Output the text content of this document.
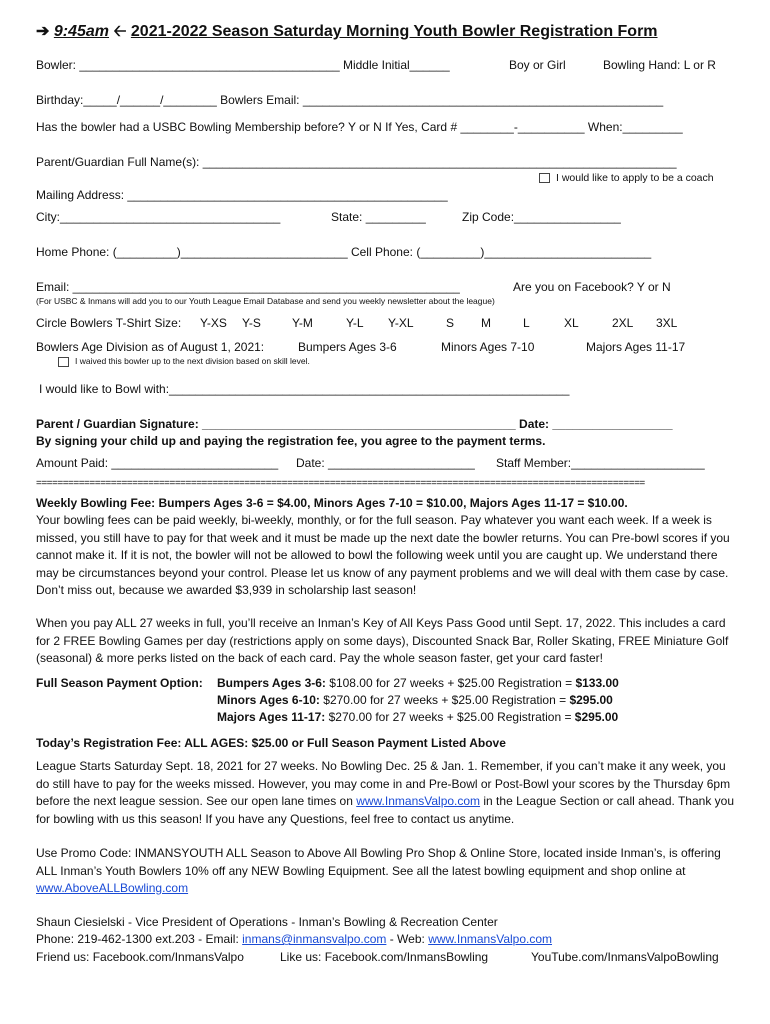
➔ 9:45am 🡠 2021-2022 Season Saturday Morning Youth Bowler Registration Form
Bowler: _______________________________________ Middle Initial______	Boy or Girl	Bowling Hand: L or R
Birthday:_____/______/________ Bowlers Email: ______________________________________________________
Has the bowler had a USBC Bowling Membership before? Y or N If Yes, Card # ________-__________ When:_________
Parent/Guardian Full Name(s): _______________________________________________________________________
I would like to apply to be a coach
Mailing Address: ________________________________________________
City:_________________________________	State: _________	Zip Code:________________
Home Phone: (_________)_________________________ Cell Phone: (_________)_________________________
Email: __________________________________________________________	Are you on Facebook? Y or N
(For USBC & Inmans will add you to our Youth League Email Database and send you weekly newsletter about the league)
Circle Bowlers T-Shirt Size: Y-XS Y-S	Y-M	Y-L Y-XL	S M	L	XL	2XL 3XL
Bowlers Age Division as of August 1, 2021:	Bumpers Ages 3-6	Minors Ages 7-10	Majors Ages 11-17
I waived this bowler up to the next division based on skill level.
I would like to Bowl with:____________________________________________________________
Parent / Guardian Signature: _______________________________________________ Date: __________________
By signing your child up and paying the registration fee, you agree to the payment terms.
Amount Paid: _________________________ Date: ______________________ Staff Member:____________________
==================================================================================================================
Weekly Bowling Fee: Bumpers Ages 3-6 = $4.00, Minors Ages 7-10 = $10.00, Majors Ages 11-17 = $10.00.
Your bowling fees can be paid weekly, bi-weekly, monthly, or for the full season. Pay whatever you want each week. If a week is missed, you still have to pay for that week and it must be made up the next date the bowler returns. You can Pre-bowl scores if you cannot make it. If it is not, the bowler will not be allowed to bowl the following week until you are caught up. We understand there may be circumstances beyond your control. Please let us know of any payment problems and we will deal with them case by case. Don’t miss out, because we awarded $3,939 in scholarship last season!
When you pay ALL 27 weeks in full, you’ll receive an Inman’s Key of All Keys Pass Good until Sept. 17, 2022. This includes a card for 2 FREE Bowling Games per day (restrictions apply on some days), Discounted Snack Bar, Roller Skating, FREE Miniature Golf (seasonal) & more perks listed on the back of each card. Pay the whole season faster, get your card faster!
Full Season Payment Option: Bumpers Ages 3-6: $108.00 for 27 weeks + $25.00 Registration = $133.00
Minors Ages 6-10: $270.00 for 27 weeks + $25.00 Registration = $295.00
Majors Ages 11-17: $270.00 for 27 weeks + $25.00 Registration = $295.00
Today’s Registration Fee: ALL AGES: $25.00 or Full Season Payment Listed Above
League Starts Saturday Sept. 18, 2021 for 27 weeks. No Bowling Dec. 25 & Jan. 1. Remember, if you can’t make it any week, you do still have to pay for the weeks missed. However, you may come in and Pre-Bowl or Post-Bowl your scores by the Thursday 6pm before the next league session. See our open lane times on www.InmansValpo.com in the League Section or call ahead. Thank you for bowling with us this season! If you have any Questions, feel free to contact us anytime.
Use Promo Code: INMANSYOUTH ALL Season to Above All Bowling Pro Shop & Online Store, located inside Inman’s, is offering ALL Inman’s Youth Bowlers 10% off any NEW Bowling Equipment. See all the latest bowling equipment and shop online at www.AboveALLBowling.com
Shaun Ciesielski - Vice President of Operations - Inman’s Bowling & Recreation Center
Phone: 219-462-1300 ext.203 - Email: inmans@inmansvalpo.com - Web: www.InmansValpo.com
Friend us: Facebook.com/InmansValpo	Like us: Facebook.com/InmansBowling	YouTube.com/InmansValpoBowling
